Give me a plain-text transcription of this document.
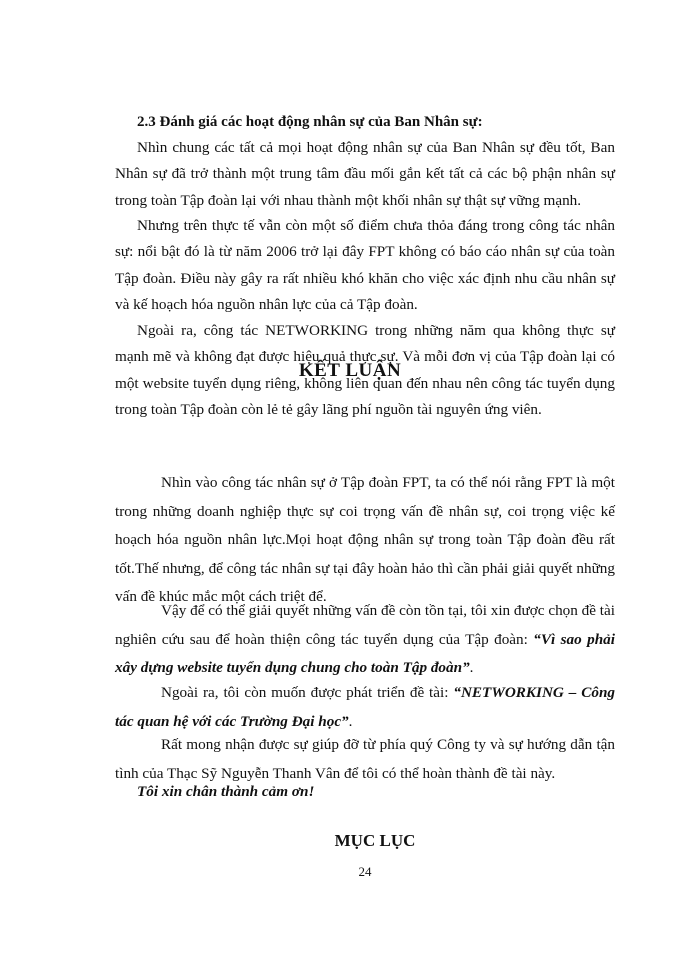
2.3 Đánh giá các hoạt động nhân sự của Ban Nhân sự:

Nhìn chung các tất cả mọi hoạt động nhân sự của Ban Nhân sự đều tốt, Ban Nhân sự đã trở thành một trung tâm đầu mối gắn kết tất cả các bộ phận nhân sự trong toàn Tập đoàn lại với nhau thành một khối nhân sự thật sự vững mạnh.

Nhưng trên thực tế vẫn còn một số điểm chưa thỏa đáng trong công tác nhân sự: nổi bật đó là từ năm 2006 trở lại đây FPT không có báo cáo nhân sự của toàn Tập đoàn. Điều này gây ra rất nhiều khó khăn cho việc xác định nhu cầu nhân sự và kế hoạch hóa nguồn nhân lực của cả Tập đoàn.

Ngoài ra, công tác NETWORKING trong những năm qua không thực sự mạnh mẽ và không đạt được hiệu quả thực sự. Và mỗi đơn vị của Tập đoàn lại có một website tuyển dụng riêng, không liên quan đến nhau nên công tác tuyển dụng trong toàn Tập đoàn còn lẻ tẻ gây lãng phí nguồn tài nguyên ứng viên.

KẾT LUẬN

Nhìn vào công tác nhân sự ở Tập đoàn FPT, ta có thể nói rằng FPT là một trong những doanh nghiệp thực sự coi trọng vấn đề nhân sự, coi trọng việc kế hoạch hóa nguồn nhân lực.Mọi hoạt động nhân sự trong toàn Tập đoàn đều rất tốt.Thế nhưng, để công tác nhân sự tại đây hoàn hảo thì cần phải giải quyết những vấn đề khúc mắc một cách triệt để.

Vậy để có thể giải quyết những vấn đề còn tồn tại, tôi xin được chọn đề tài nghiên cứu sau để hoàn thiện công tác tuyển dụng của Tập đoàn: “Vì sao phải xây dựng website tuyển dụng chung cho toàn Tập đoàn”.

Ngoài ra, tôi còn muốn được phát triển đề tài: “NETWORKING – Công tác quan hệ với các Trường Đại học”.

Rất mong nhận được sự giúp đỡ từ phía quý Công ty và sự hướng dẫn tận tình của Thạc Sỹ Nguyễn Thanh Vân để tôi có thể hoàn thành đề tài này.

Tôi xin chân thành cảm ơn!
MỤC LỤC
24
